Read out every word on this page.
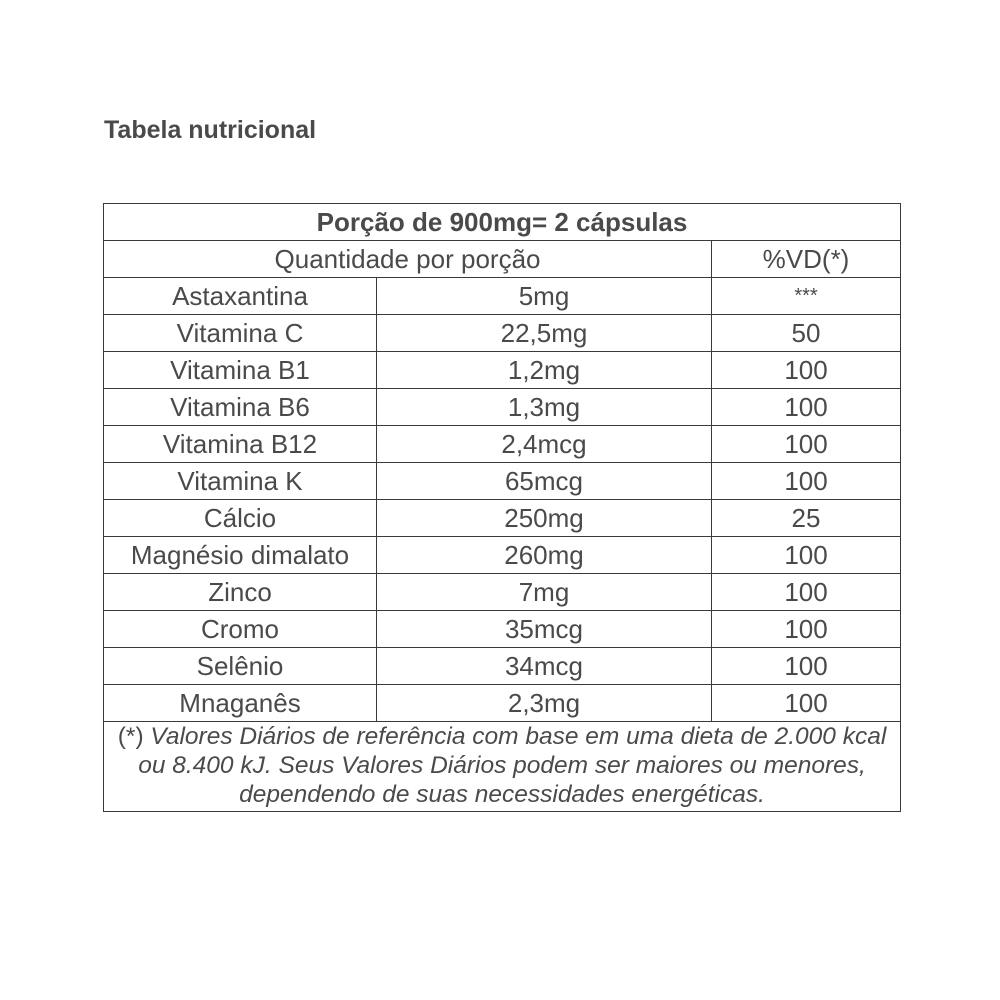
Tabela nutricional
Porção de 900mg= 2 cápsulas		
Quantidade por porção		%VD(*)
Astaxantina	5mg	***
Vitamina C	22,5mg	50
Vitamina B1	1,2mg	100
Vitamina B6	1,3mg	100
Vitamina B12	2,4mcg	100
Vitamina K	65mcg	100
Cálcio	250mg	25
Magnésio dimalato	260mg	100
Zinco	7mg	100
Cromo	35mcg	100
Selênio	34mcg	100
Mnaganês	2,3mg	100

(*) Valores Diários de referência com base em uma dieta de 2.000 kcal ou 8.400 kJ. Seus Valores Diários podem ser maiores ou menores, dependendo de suas necessidades energéticas.		
